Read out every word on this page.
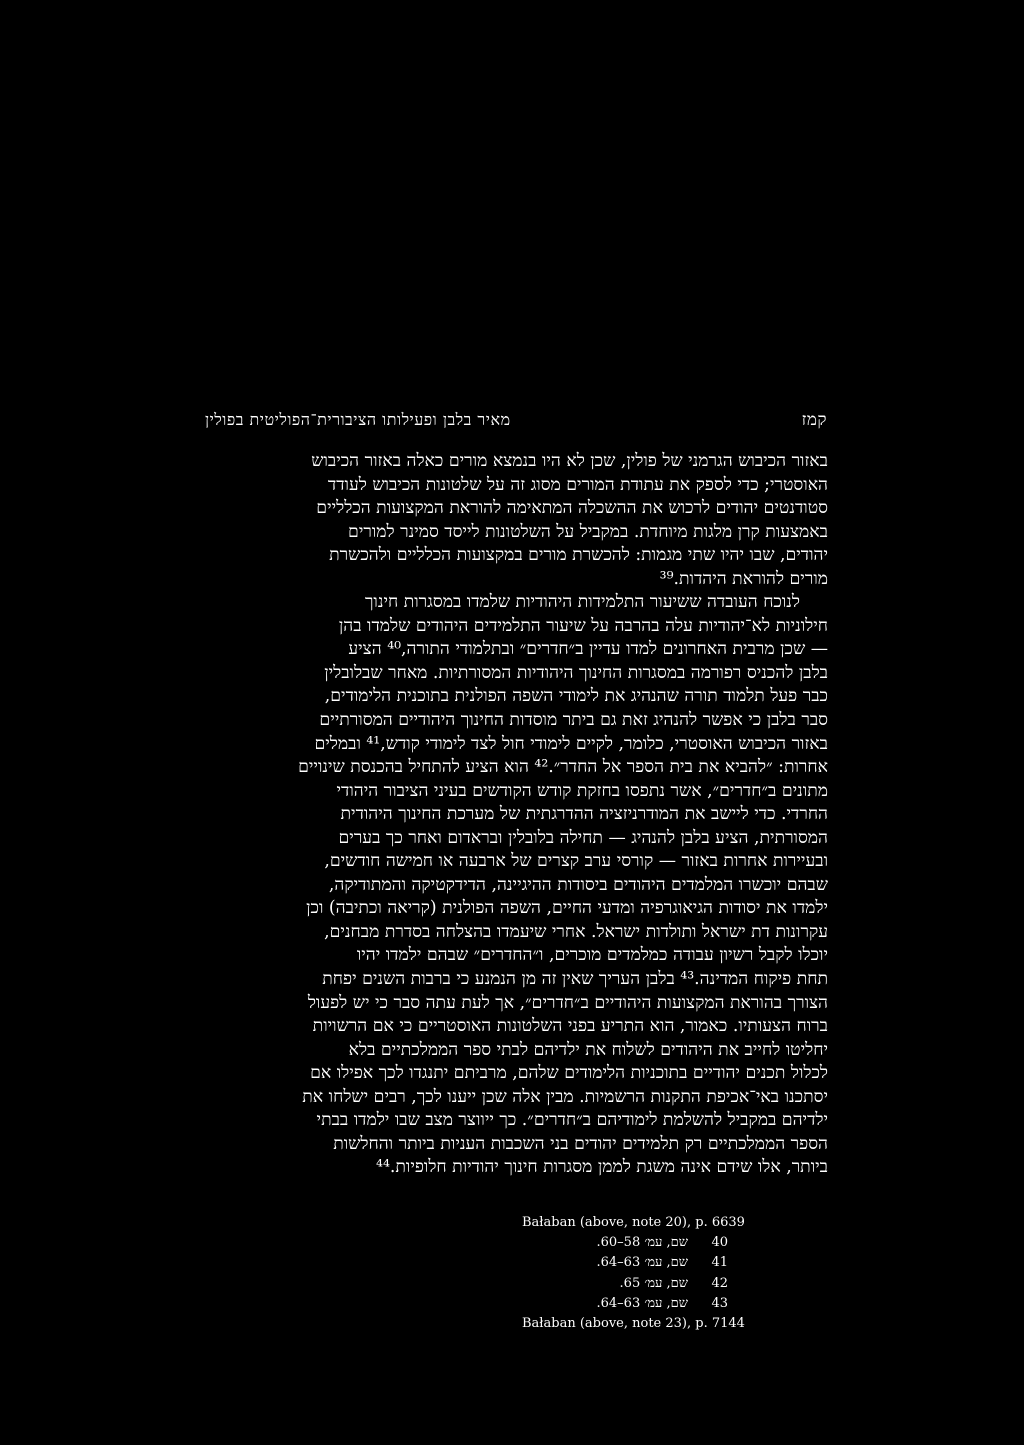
קמז
מאיר בלבן ופעילותו הציבורית־הפוליטית בפולין
באזור הכיבוש הגרמני של פולין, שכן לא היו בנמצא מורים כאלה באזור הכיבוש
האוסטרי; כדי לספק את עתודת המורים מסוג זה על שלטונות הכיבוש לעודד
סטודנטים יהודים לרכוש את ההשכלה המתאימה להוראת המקצועות הכלליים
באמצעות קרן מלגות מיוחדת. במקביל על השלטונות לייסד סמינר למורים
יהודים, שבו יהיו שתי מגמות: להכשרת מורים במקצועות הכלליים ולהכשרת
מורים להוראת היהדות.³⁹
לנוכח העובדה ששיעור התלמידות היהודיות שלמדו במסגרות חינוך
חילוניות לא־יהודיות עלה בהרבה על שיעור התלמידים היהודים שלמדו בהן
— שכן מרבית האחרונים למדו עדיין ב״חדרים״ ובתלמודי התורה,⁴⁰ הציע
בלבן להכניס רפורמה במסגרות החינוך היהודיות המסורתיות. מאחר שבלובלין
כבר פעל תלמוד תורה שהנהיג את לימודי השפה הפולנית בתוכנית הלימודים,
סבר בלבן כי אפשר להנהיג זאת גם ביתר מוסדות החינוך היהודיים המסורתיים
באזור הכיבוש האוסטרי, כלומר, לקיים לימודי חול לצד לימודי קודש,⁴¹ ובמלים
אחרות: ״להביא את בית הספר אל החדר״.⁴² הוא הציע להתחיל בהכנסת שינויים
מתונים ב״חדרים״, אשר נתפסו בחזקת קודש הקודשים בעיני הציבור היהודי
החרדי. כדי ליישב את המודרניזציה ההדרגתית של מערכת החינוך היהודית
המסורתית, הציע בלבן להנהיג — תחילה בלובלין ובראדום ואחר כך בערים
ובעיירות אחרות באזור — קורסי ערב קצרים של ארבעה או חמישה חודשים,
שבהם יוכשרו המלמדים היהודים ביסודות ההיגיינה, הדידקטיקה והמתודיקה,
ילמדו את יסודות הגיאוגרפיה ומדעי החיים, השפה הפולנית (קריאה וכתיבה) וכן
עקרונות דת ישראל ותולדות ישראל. אחרי שיעמדו בהצלחה בסדרת מבחנים,
יוכלו לקבל רשיון עבודה כמלמדים מוכרים, ו״החדרים״ שבהם ילמדו יהיו
תחת פיקוח המדינה.⁴³ בלבן העריך שאין זה מן הנמנע כי ברבות השנים יפחת
הצורך בהוראת המקצועות היהודיים ב״חדרים״, אך לעת עתה סבר כי יש לפעול
ברוח הצעותיו. כאמור, הוא התריע בפני השלטונות האוסטריים כי אם הרשויות
יחליטו לחייב את היהודים לשלוח את ילדיהם לבתי ספר הממלכתיים בלא
לכלול תכנים יהודיים בתוכניות הלימודים שלהם, מרביתם יתנגדו לכך אפילו אם
יסתכנו באי־אכיפת התקנות הרשמיות. מבין אלה שכן ייענו לכך, רבים ישלחו את
ילדיהם במקביל להשלמת לימודיהם ב״חדרים״. כך ייווצר מצב שבו ילמדו בבתי
הספר הממלכתיים רק תלמידים יהודים בני השכבות העניות ביותר והחלשות
ביותר, אלו שידם אינה משגת לממן מסגרות חינוך יהודיות חלופיות.⁴⁴
Bałaban (above, note 20), p. 66 39
שם, עמ׳ 58–60.	40
שם, עמ׳ 63–64.	41
שם, עמ׳ 65.	42
שם, עמ׳ 63–64.	43
Bałaban (above, note 23), p. 71 44
